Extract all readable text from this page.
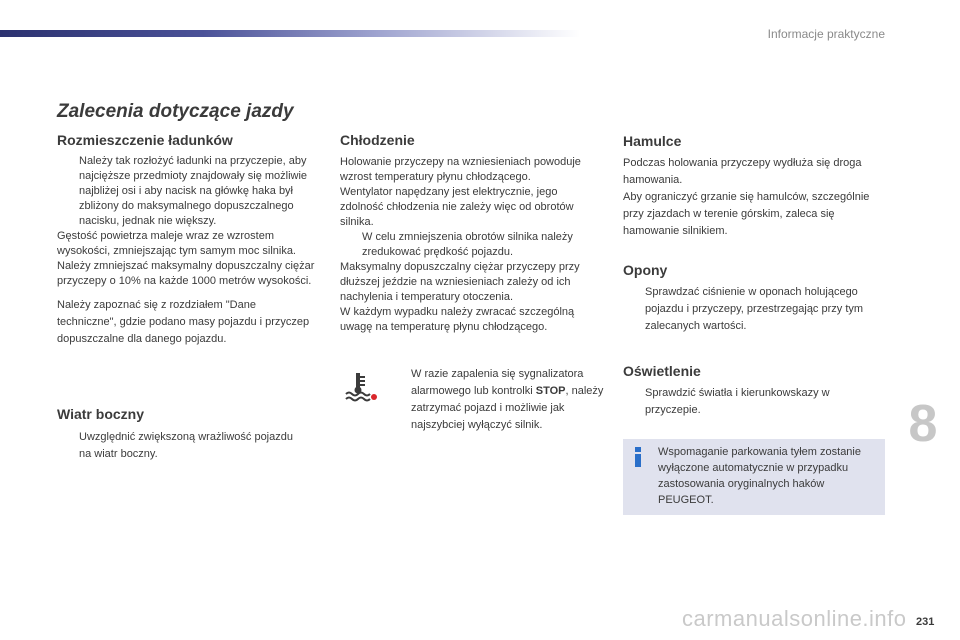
Informacje praktyczne
Zalecenia dotyczące jazdy
Rozmieszczenie ładunków
Należy tak rozłożyć ładunki na przyczepie, aby najcięższe przedmioty znajdowały się możliwie najbliżej osi i aby nacisk na główkę haka był zbliżony do maksymalnego dopuszczalnego nacisku, jednak nie większy.

Gęstość powietrza maleje wraz ze wzrostem wysokości, zmniejszając tym samym moc silnika. Należy zmniejszać maksymalny dopuszczalny ciężar przyczepy o 10% na każde 1000 metrów wysokości.

Należy zapoznać się z rozdziałem "Dane techniczne", gdzie podano masy pojazdu i przyczep dopuszczalne dla danego pojazdu.

Wiatr boczny
Uwzględnić zwiększoną wrażliwość pojazdu na wiatr boczny.
Chłodzenie

Holowanie przyczepy na wzniesieniach powoduje wzrost temperatury płynu chłodzącego.

Wentylator napędzany jest elektrycznie, jego zdolność chłodzenia nie zależy więc od obrotów silnika.

W celu zmniejszenia obrotów silnika należy zredukować prędkość pojazdu.

Maksymalny dopuszczalny ciężar przyczepy przy dłuższej jeździe na wzniesieniach zależy od ich nachylenia i temperatury otoczenia.

W każdym wypadku należy zwracać szczególną uwagę na temperaturę płynu chłodzącego.

W razie zapalenia się sygnalizatora alarmowego lub kontrolki STOP, należy zatrzymać pojazd i możliwie jak najszybciej wyłączyć silnik.
Hamulce

Podczas holowania przyczepy wydłuża się droga hamowania.

Aby ograniczyć grzanie się hamulców, szczególnie przy zjazdach w terenie górskim, zaleca się hamowanie silnikiem.

Opony
Sprawdzać ciśnienie w oponach holującego pojazdu i przyczepy, przestrzegając przy tym zalecanych wartości.
Oświetlenie
Sprawdzić światła i kierunkowskazy w przyczepie.
Wspomaganie parkowania tyłem zostanie wyłączone automatycznie w przypadku zastosowania oryginalnych haków PEUGEOT.
8
carmanualsonline.info 231
